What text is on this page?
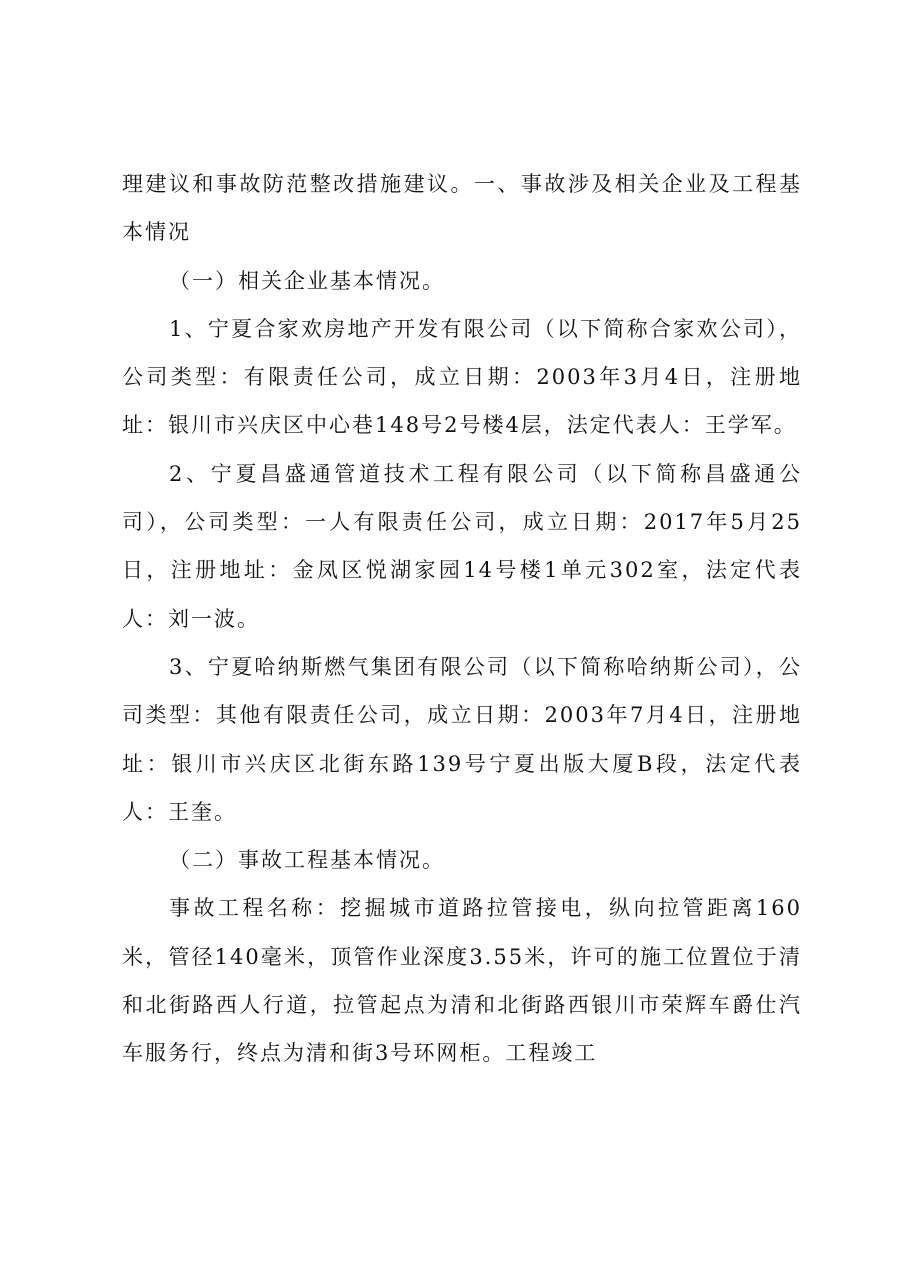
理建议和事故防范整改措施建议。一、事故涉及相关企业及工程基本情况

（一）相关企业基本情况。

1、宁夏合家欢房地产开发有限公司（以下简称合家欢公司），公司类型：有限责任公司，成立日期：2003年3月4日，注册地址：银川市兴庆区中心巷148号2号楼4层，法定代表人：王学军。

2、宁夏昌盛通管道技术工程有限公司（以下简称昌盛通公司），公司类型：一人有限责任公司，成立日期：2017年5月25日，注册地址：金凤区悦湖家园14号楼1单元302室，法定代表人：刘一波。

3、宁夏哈纳斯燃气集团有限公司（以下简称哈纳斯公司），公司类型：其他有限责任公司，成立日期：2003年7月4日，注册地址：银川市兴庆区北街东路139号宁夏出版大厦B段，法定代表人：王奎。

（二）事故工程基本情况。

事故工程名称：挖掘城市道路拉管接电，纵向拉管距离160米，管径140毫米，顶管作业深度3.55米，许可的施工位置位于清和北街路西人行道，拉管起点为清和北街路西银川市荣辉车爵仕汽车服务行，终点为清和街3号环网柜。工程竣工
